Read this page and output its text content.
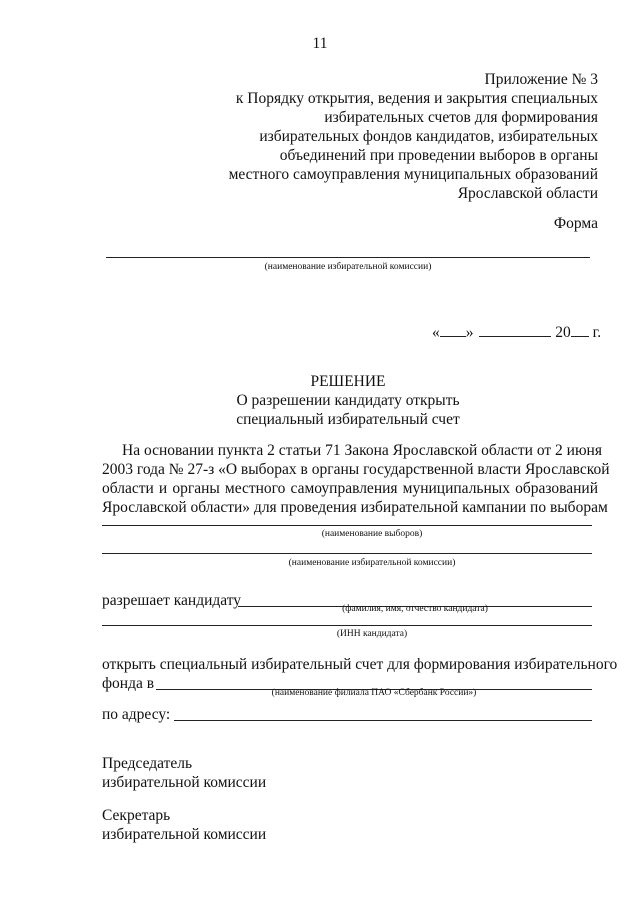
11
Приложение № 3
к Порядку открытия, ведения и закрытия специальных
избирательных счетов для формирования
избирательных фондов кандидатов, избирательных
объединений при проведении выборов в органы
местного самоуправления муниципальных образований
Ярославской области
Форма
(наименование избирательной комиссии)
« »	20 г.
РЕШЕНИЕ
О разрешении кандидату открыть
специальный избирательный счет
На основании пункта 2 статьи 71 Закона Ярославской области от 2 июня
2003 года № 27-з «О выборах в органы государственной власти Ярославской
области и органы местного самоуправления муниципальных образований
Ярославской области» для проведения избирательной кампании по выборам
(наименование выборов)
(наименование избирательной комиссии)
разрешает кандидату	(фамилия, имя, отчество кандидата)
(ИНН кандидата)
открыть специальный избирательный счет для формирования избирательного
фонда в
(наименование филиала ПАО «Сбербанк России»)
по адресу:
Председатель
избирательной комиссии
Секретарь
избирательной комиссии
